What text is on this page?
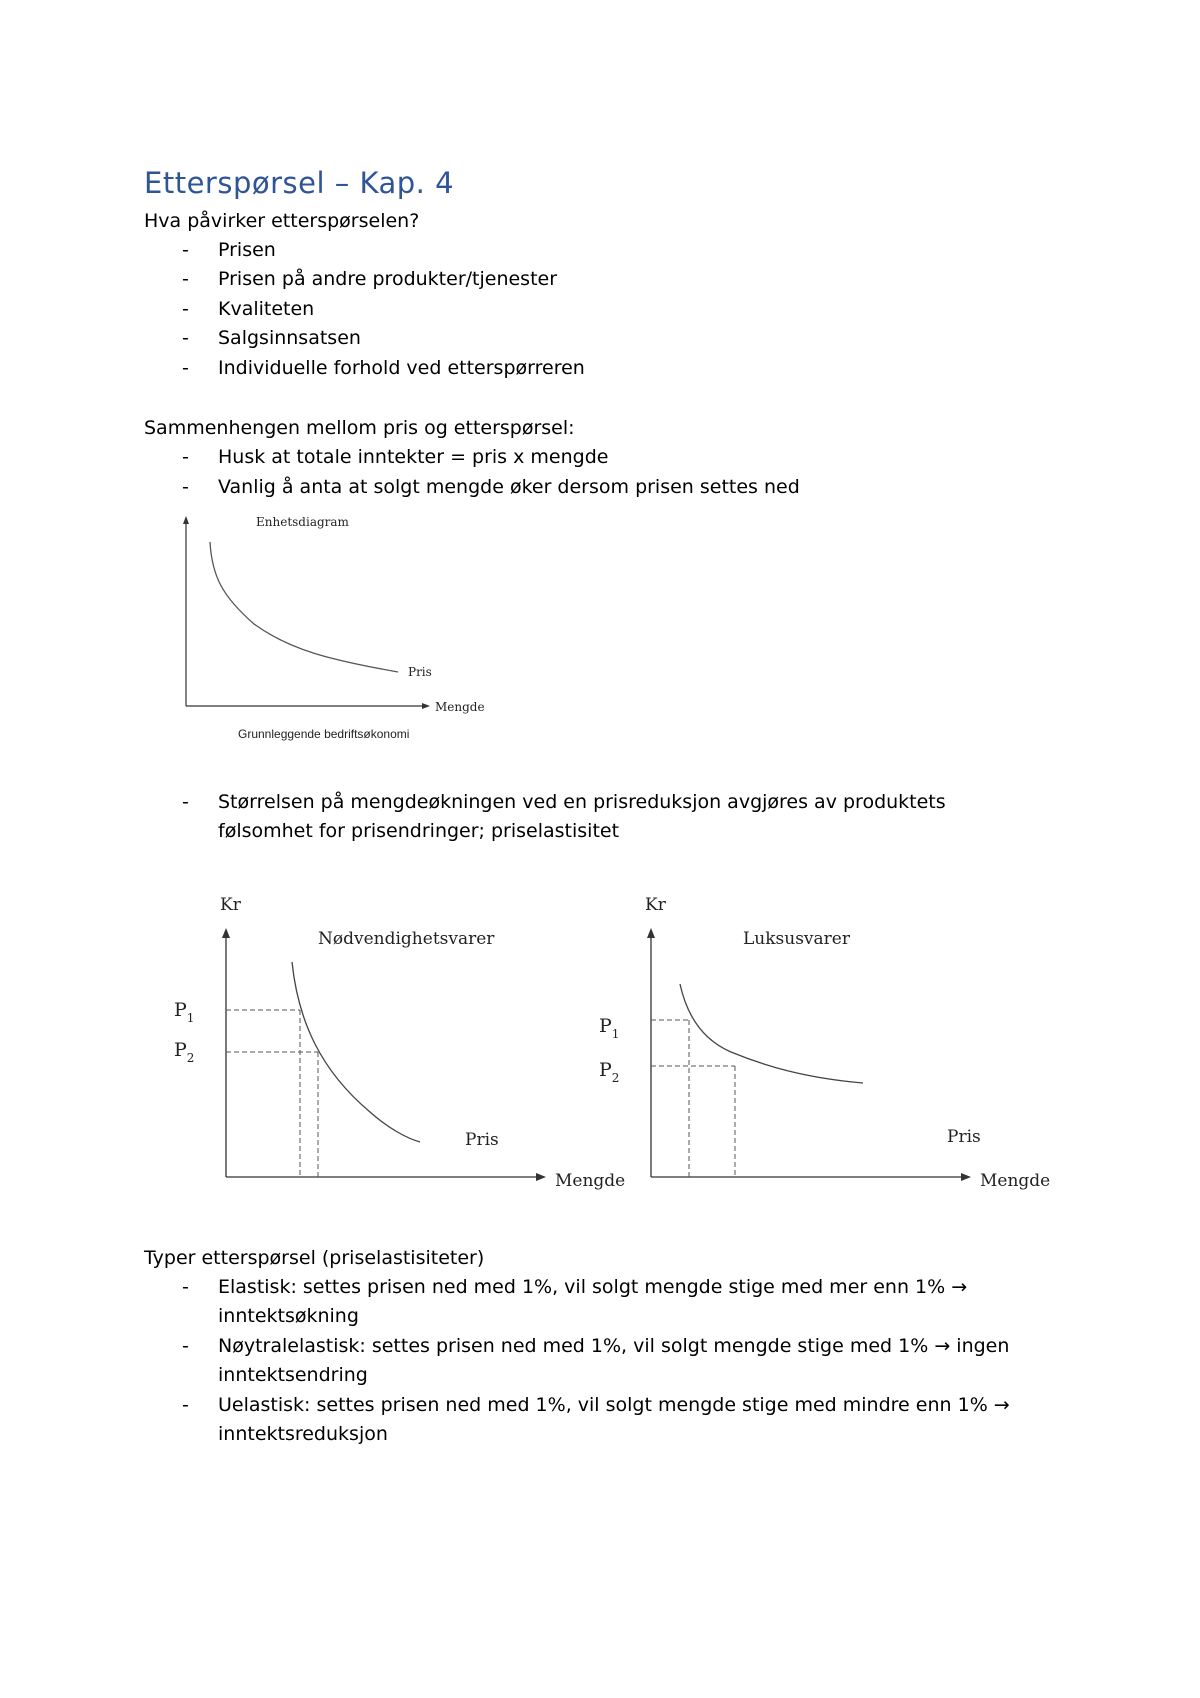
Etterspørsel – Kap. 4
Hva påvirker etterspørselen?
- Prisen
- Prisen på andre produkter/tjenester
- Kvaliteten
- Salgsinnsatsen
- Individuelle forhold ved etterspørreren
Sammenhengen mellom pris og etterspørsel:
- Husk at totale inntekter = pris x mengde
- Vanlig å anta at solgt mengde øker dersom prisen settes ned
Enhetsdiagram
Pris
Mengde
Grunnleggende bedriftsøkonomi
- Størrelsen på mengdeøkningen ved en prisreduksjon avgjøres av produktets
følsomhet for prisendringer; priselastisitet
Kr
Nødvendighetsvarer
$P_1$
$P_2$
Pris
Mengde
Kr
Luksusvarer
$P_1$
$P_2$
Pris
Mengde
Typer etterspørsel (priselastisiteter)
- Elastisk: settes prisen ned med 1%, vil solgt mengde stige med mer enn 1% →
inntektsøkning
- Nøytralelastisk: settes prisen ned med 1%, vil solgt mengde stige med 1% → ingen
inntektsendring
- Uelastisk: settes prisen ned med 1%, vil solgt mengde stige med mindre enn 1% →
inntektsreduksjon
